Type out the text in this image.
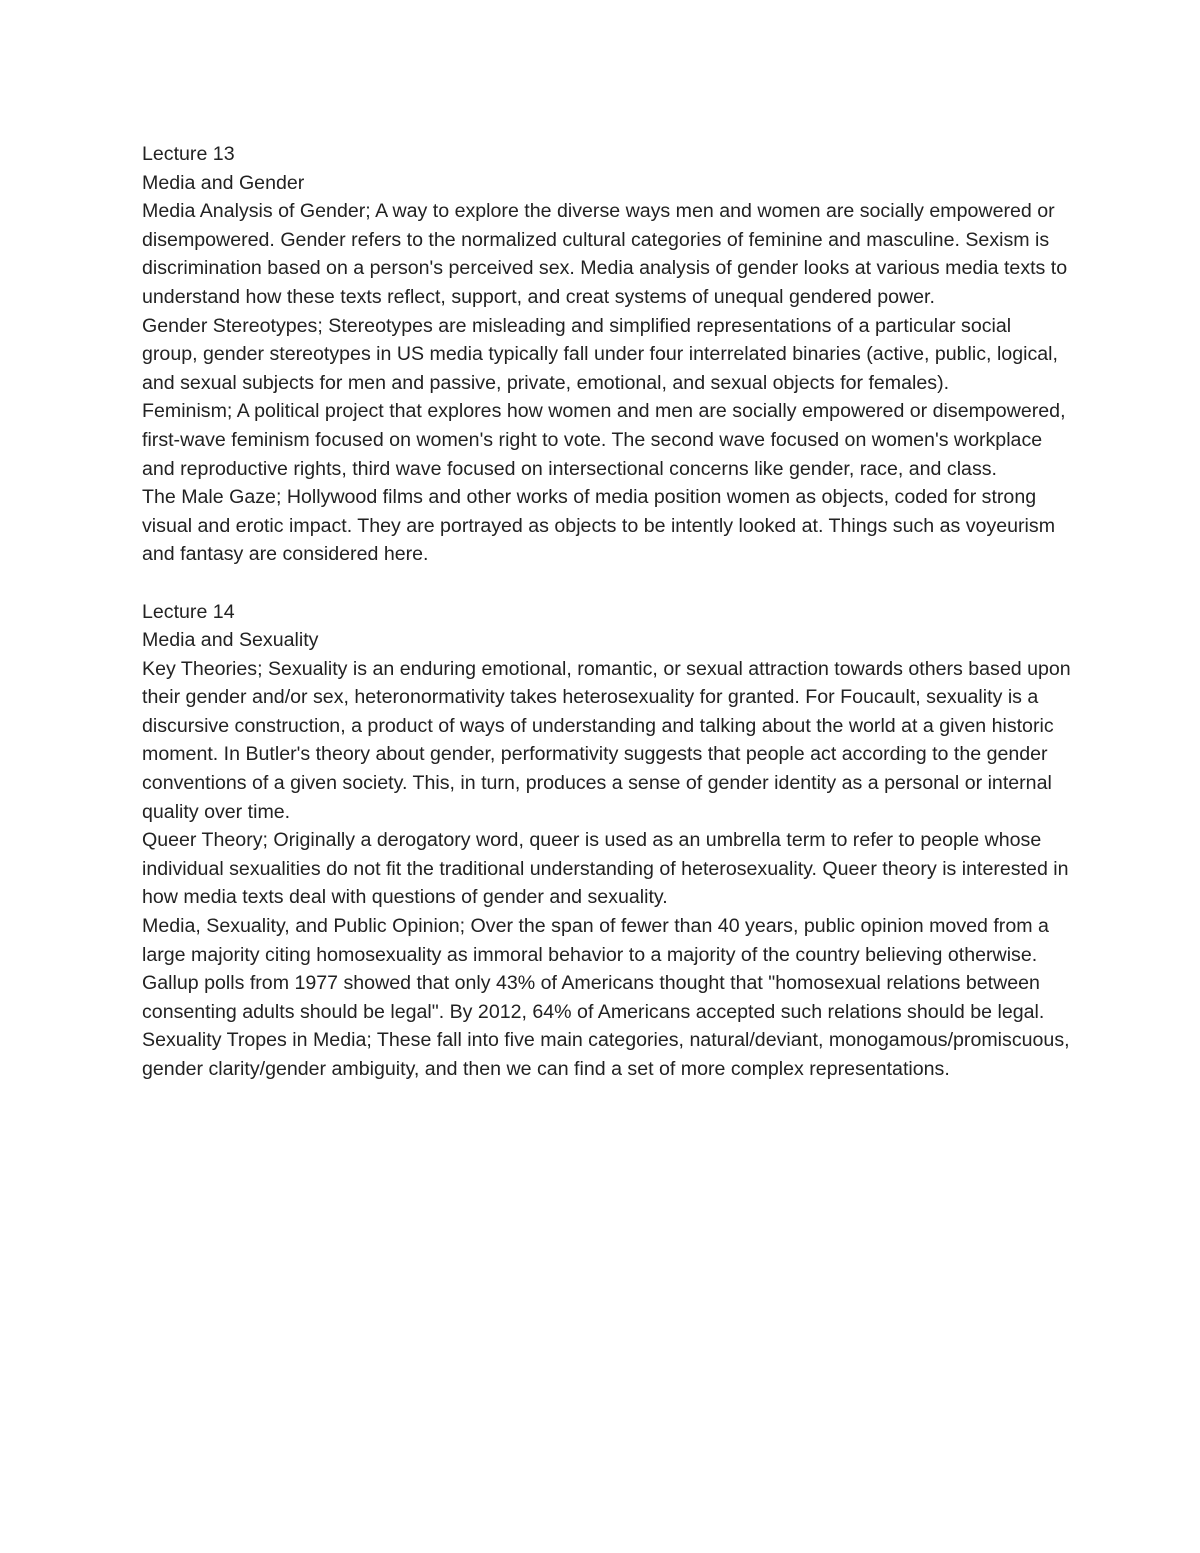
Lecture 13

Media and Gender

Media Analysis of Gender; A way to explore the diverse ways men and women are socially empowered or disempowered. Gender refers to the normalized cultural categories of feminine and masculine. Sexism is discrimination based on a person's perceived sex. Media analysis of gender looks at various media texts to understand how these texts reflect, support, and creat systems of unequal gendered power.

Gender Stereotypes; Stereotypes are misleading and simplified representations of a particular social group, gender stereotypes in US media typically fall under four interrelated binaries (active, public, logical, and sexual subjects for men and passive, private, emotional, and sexual objects for females).

Feminism; A political project that explores how women and men are socially empowered or disempowered, first-wave feminism focused on women's right to vote. The second wave focused on women's workplace and reproductive rights, third wave focused on intersectional concerns like gender, race, and class.

The Male Gaze; Hollywood films and other works of media position women as objects, coded for strong visual and erotic impact. They are portrayed as objects to be intently looked at. Things such as voyeurism and fantasy are considered here.

Lecture 14

Media and Sexuality

Key Theories; Sexuality is an enduring emotional, romantic, or sexual attraction towards others based upon their gender and/or sex, heteronormativity takes heterosexuality for granted. For Foucault, sexuality is a discursive construction, a product of ways of understanding and talking about the world at a given historic moment. In Butler's theory about gender, performativity suggests that people act according to the gender conventions of a given society. This, in turn, produces a sense of gender identity as a personal or internal quality over time.

Queer Theory; Originally a derogatory word, queer is used as an umbrella term to refer to people whose individual sexualities do not fit the traditional understanding of heterosexuality. Queer theory is interested in how media texts deal with questions of gender and sexuality.

Media, Sexuality, and Public Opinion; Over the span of fewer than 40 years, public opinion moved from a large majority citing homosexuality as immoral behavior to a majority of the country believing otherwise. Gallup polls from 1977 showed that only 43% of Americans thought that "homosexual relations between consenting adults should be legal". By 2012, 64% of Americans accepted such relations should be legal.

Sexuality Tropes in Media; These fall into five main categories, natural/deviant, monogamous/promiscuous, gender clarity/gender ambiguity, and then we can find a set of more complex representations.
